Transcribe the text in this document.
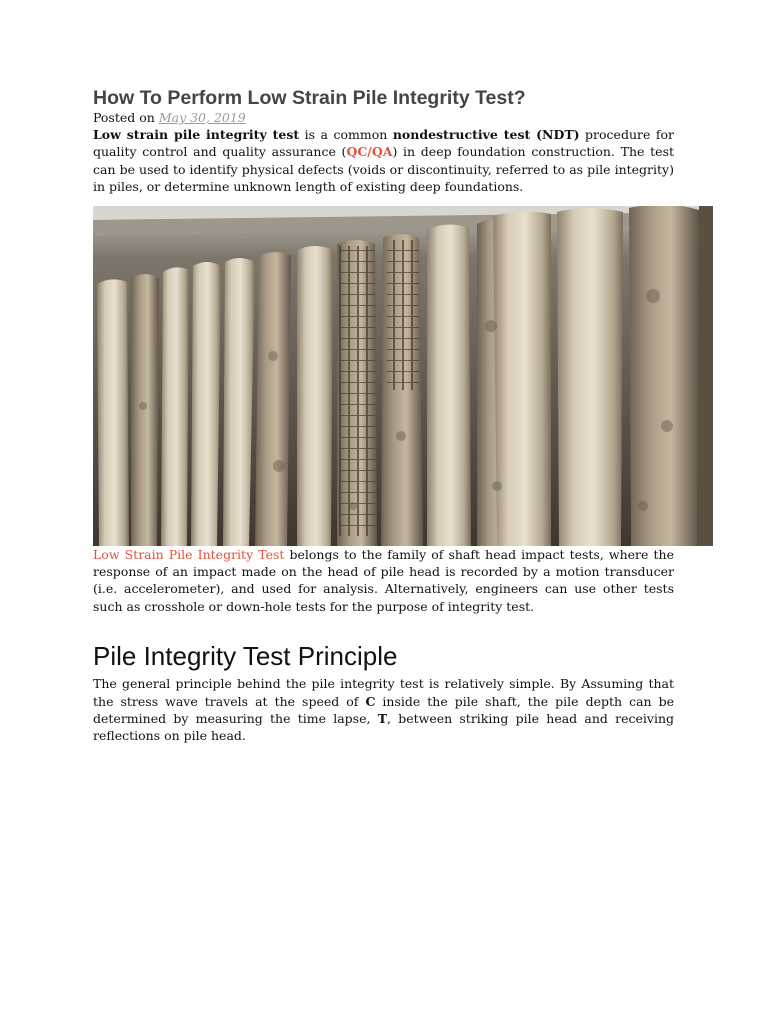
How To Perform Low Strain Pile Integrity Test?
Posted on May 30, 2019

Low strain pile integrity test is a common nondestructive test (NDT) procedure for quality control and quality assurance (QC/QA) in deep foundation construction. The test can be used to identify physical defects (voids or discontinuity, referred to as pile integrity) in piles, or determine unknown length of existing deep foundations.

Low Strain Pile Integrity Test belongs to the family of shaft head impact tests, where the response of an impact made on the head of pile head is recorded by a motion transducer (i.e. accelerometer), and used for analysis. Alternatively, engineers can use other tests such as crosshole or down-hole tests for the purpose of integrity test.

Pile Integrity Test Principle

The general principle behind the pile integrity test is relatively simple. By Assuming that the stress wave travels at the speed of C inside the pile shaft, the pile depth can be determined by measuring the time lapse, T, between striking pile head and receiving reflections on pile head.
